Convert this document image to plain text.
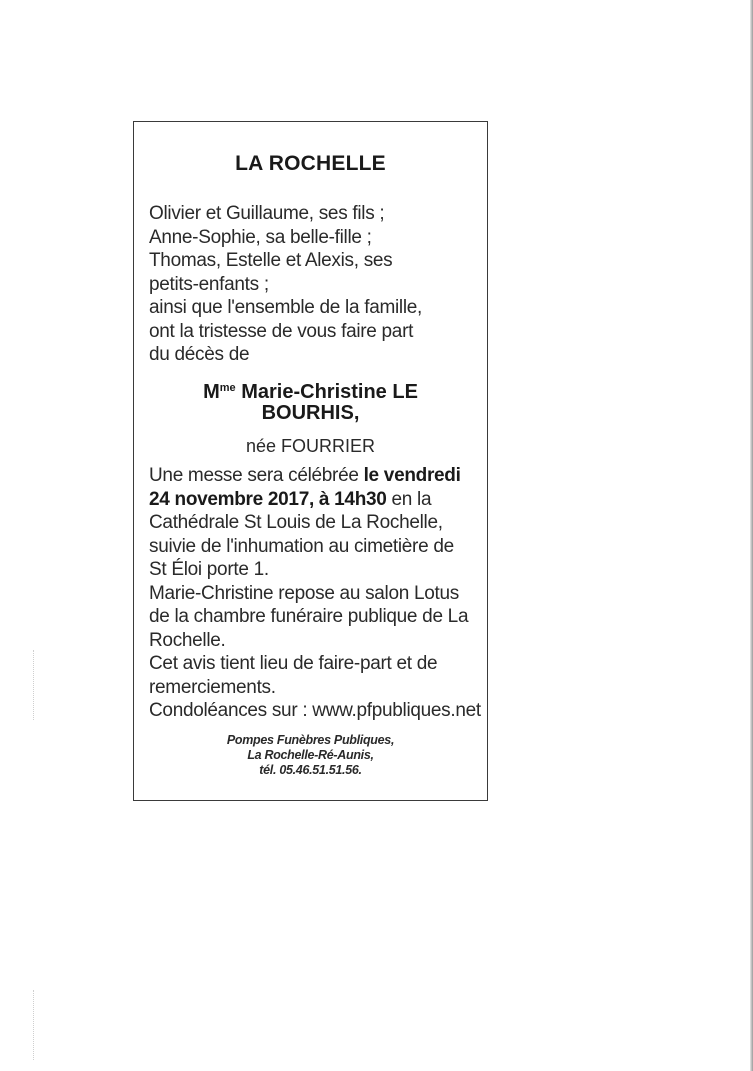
LA ROCHELLE
Olivier et Guillaume, ses fils ;
Anne-Sophie, sa belle-fille ;
Thomas, Estelle et Alexis, ses
petits-enfants ;
ainsi que l'ensemble de la famille,
ont la tristesse de vous faire part
du décès de
$M^{me}$ Marie-Christine LE
BOURHIS,
née FOURRIER
Une messe sera célébrée le vendredi
24 novembre 2017, à 14h30 en la
Cathédrale St Louis de La Rochelle,
suivie de l'inhumation au cimetière de
St Éloi porte 1.
Marie-Christine repose au salon Lotus
de la chambre funéraire publique de La
Rochelle.
Cet avis tient lieu de faire-part et de
remerciements.
Condoléances sur : www.pfpubliques.net
Pompes Funèbres Publiques,
La Rochelle-Ré-Aunis,
tél. 05.46.51.51.56.
